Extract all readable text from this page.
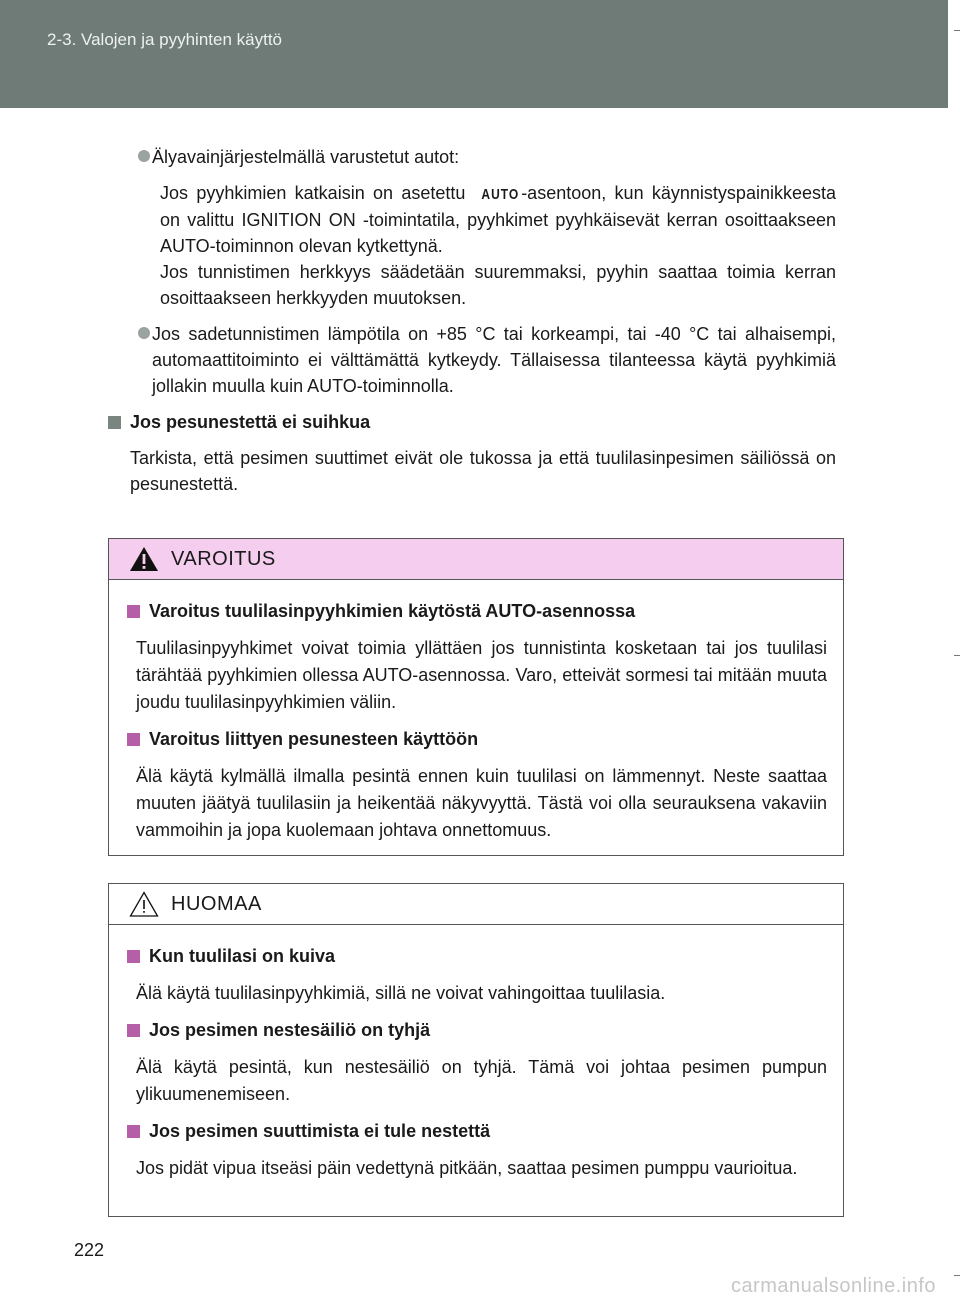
2-3. Valojen ja pyyhinten käyttö

Älyavainjärjestelmällä varustetut autot:

Jos pyyhkimien katkaisin on asetettu AUTO -asentoon, kun käynnistyspainikkeesta on valittu IGNITION ON -toimintatila, pyyhkimet pyyhkäisevät kerran osoittaakseen AUTO-toiminnon olevan kytkettynä.

Jos tunnistimen herkkyys säädetään suuremmaksi, pyyhin saattaa toimia kerran osoittaakseen herkkyyden muutoksen.

Jos sadetunnistimen lämpötila on +85 °C tai korkeampi, tai -40 °C tai alhaisempi, automaattitoiminto ei välttämättä kytkeydy. Tällaisessa tilanteessa käytä pyyhkimiä jollakin muulla kuin AUTO-toiminnolla.

Jos pesunestettä ei suihkua

Tarkista, että pesimen suuttimet eivät ole tukossa ja että tuulilasinpesimen säiliössä on pesunestettä.

VAROITUS
Varoitus tuulilasinpyyhkimien käytöstä AUTO-asennossa

Tuulilasinpyyhkimet voivat toimia yllättäen jos tunnistinta kosketaan tai jos tuulilasi tärähtää pyyhkimien ollessa AUTO-asennossa. Varo, etteivät sormesi tai mitään muuta joudu tuulilasinpyyhkimien väliin.

Varoitus liittyen pesunesteen käyttöön

Älä käytä kylmällä ilmalla pesintä ennen kuin tuulilasi on lämmennyt. Neste saattaa muuten jäätyä tuulilasiin ja heikentää näkyvyyttä. Tästä voi olla seurauksena vakaviin vammoihin ja jopa kuolemaan johtava onnettomuus.

HUOMAA
Kun tuulilasi on kuiva

Älä käytä tuulilasinpyyhkimiä, sillä ne voivat vahingoittaa tuulilasia.

Jos pesimen nestesäiliö on tyhjä

Älä käytä pesintä, kun nestesäiliö on tyhjä. Tämä voi johtaa pesimen pumpun ylikuumenemiseen.

Jos pesimen suuttimista ei tule nestettä

Jos pidät vipua itseäsi päin vedettynä pitkään, saattaa pesimen pumppu vaurioitua.

222
carmanualsonline.info
